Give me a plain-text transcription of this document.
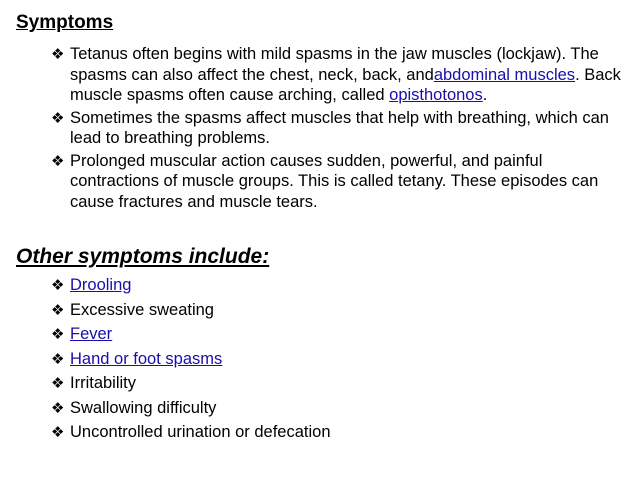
Symptoms
❖ Tetanus often begins with mild spasms in the jaw muscles (lockjaw). The spasms can also affect the chest, neck, back, andabdominal muscles. Back muscle spasms often cause arching, called opisthotonos.
❖ Sometimes the spasms affect muscles that help with breathing, which can lead to breathing problems.
❖ Prolonged muscular action causes sudden, powerful, and painful contractions of muscle groups. This is called tetany. These episodes can cause fractures and muscle tears.
Other symptoms include:
❖ Drooling
❖ Excessive sweating
❖ Fever
❖ Hand or foot spasms
❖ Irritability
❖ Swallowing difficulty
❖ Uncontrolled urination or defecation
